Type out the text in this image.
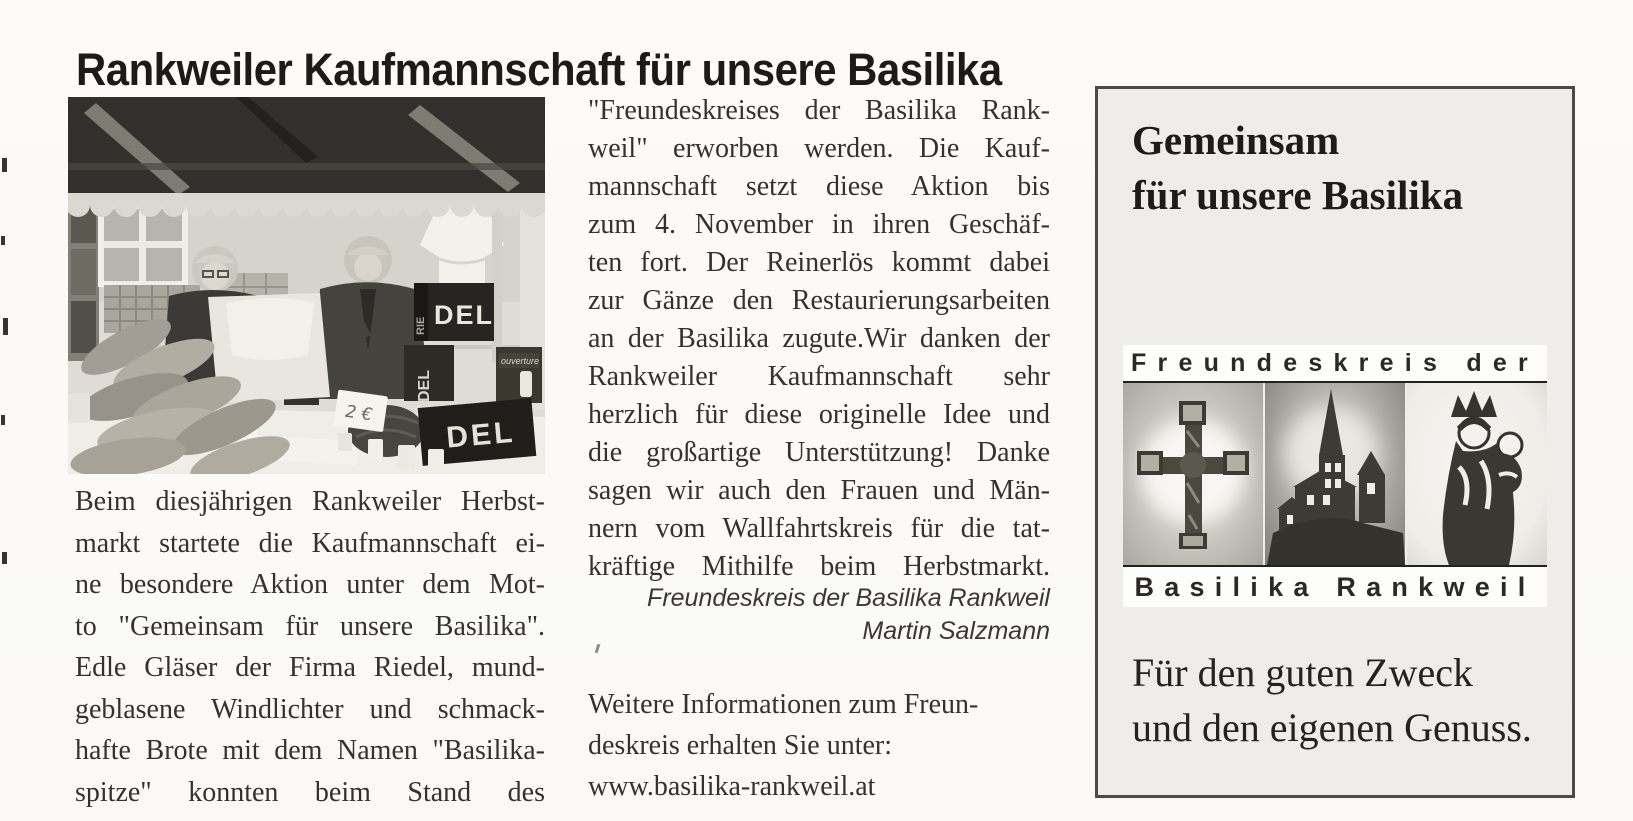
Rankweiler Kaufmannschaft für unsere Basilika
RIE DEL
DEL
ouverture
DEL
2 €
Beim diesjährigen Rankweiler Herbst-
markt startete die Kaufmannschaft ei-
ne besondere Aktion unter dem Mot-
to "Gemeinsam für unsere Basilika".
Edle Gläser der Firma Riedel, mund-
geblasene Windlichter und schmack-
hafte Brote mit dem Namen "Basilika-
spitze" konnten beim Stand des
"Freundeskreises der Basilika Rank-
weil" erworben werden. Die Kauf-
mannschaft setzt diese Aktion bis
zum 4. November in ihren Geschäf-
ten fort. Der Reinerlös kommt dabei
zur Gänze den Restaurierungsarbeiten
an der Basilika zugute.Wir danken der
Rankweiler Kaufmannschaft sehr
herzlich für diese originelle Idee und
die großartige Unterstützung! Danke
sagen wir auch den Frauen und Män-
nern vom Wallfahrtskreis für die tat-
kräftige Mithilfe beim Herbstmarkt.
Freundeskreis der Basilika Rankweil
Martin Salzmann
Weitere Informationen zum Freun-
deskreis erhalten Sie unter:
www.basilika-rankweil.at
Gemeinsam
für unsere Basilika
Freundeskreis der
Basilika Rankweil
Für den guten Zweck
und den eigenen Genuss.
